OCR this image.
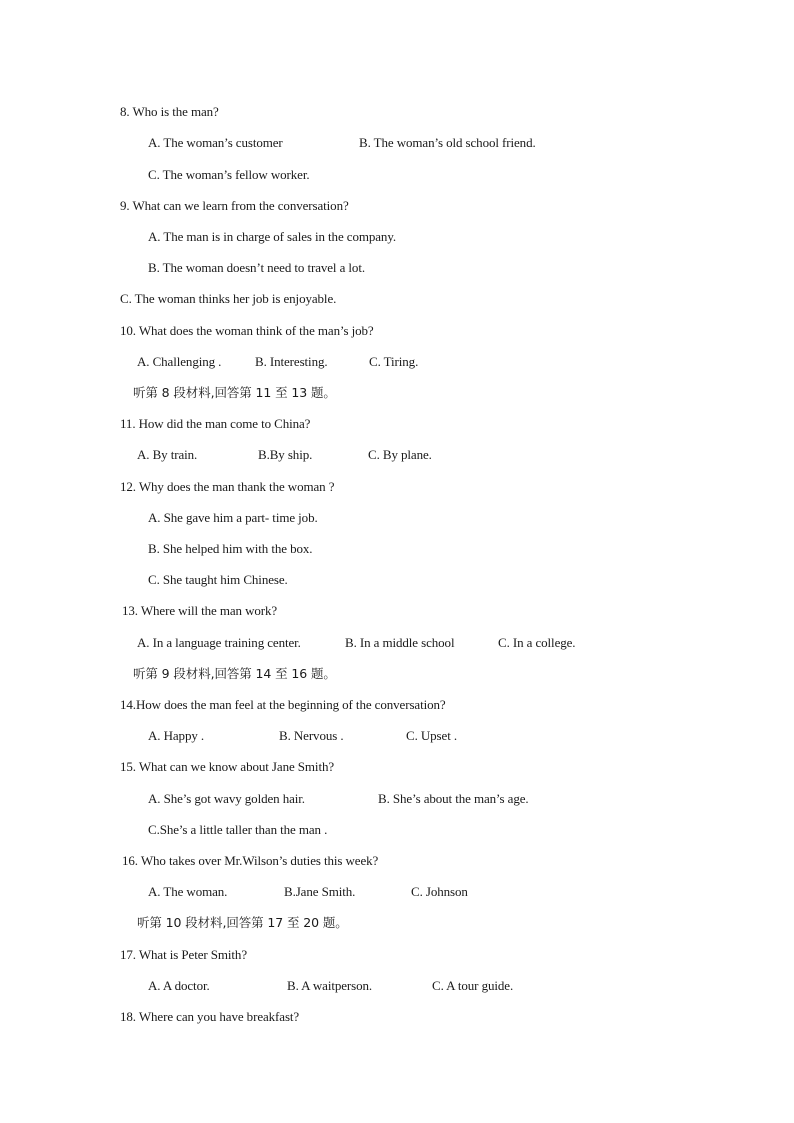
8. Who is the man?
A. The woman’s customer	B. The woman’s old school friend.
C. The woman’s fellow worker.
9. What can we learn from the conversation?
A. The man is in charge of sales in the company.
B. The woman doesn’t need to travel a lot.
C. The woman thinks her job is enjoyable.
10. What does the woman think of the man’s job?
A. Challenging .	B. Interesting.	C. Tiring.
听第 8 段材料,回答第 11 至 13 题。
11. How did the man come to China?
A. By train.	B.By ship.	C. By plane.
12. Why does the man thank the woman ?
A. She gave him a part- time job.
B. She helped him with the box.
C. She taught him Chinese.
13. Where will the man work?
A. In a language training center.	B. In a middle school	C. In a college.
听第 9 段材料,回答第 14 至 16 题。
14.How does the man feel at the beginning of the conversation?
A. Happy .	B. Nervous .	C. Upset .
15. What can we know about Jane Smith?
A. She’s got wavy golden hair.	B. She’s about the man’s age.
C.She’s a little taller than the man .
16. Who takes over Mr.Wilson’s duties this week?
A. The woman.	B.Jane Smith.	C. Johnson
听第 10 段材料,回答第 17 至 20 题。
17. What is Peter Smith?
A. A doctor.	B. A waitperson.	C. A tour guide.
18. Where can you have breakfast?
